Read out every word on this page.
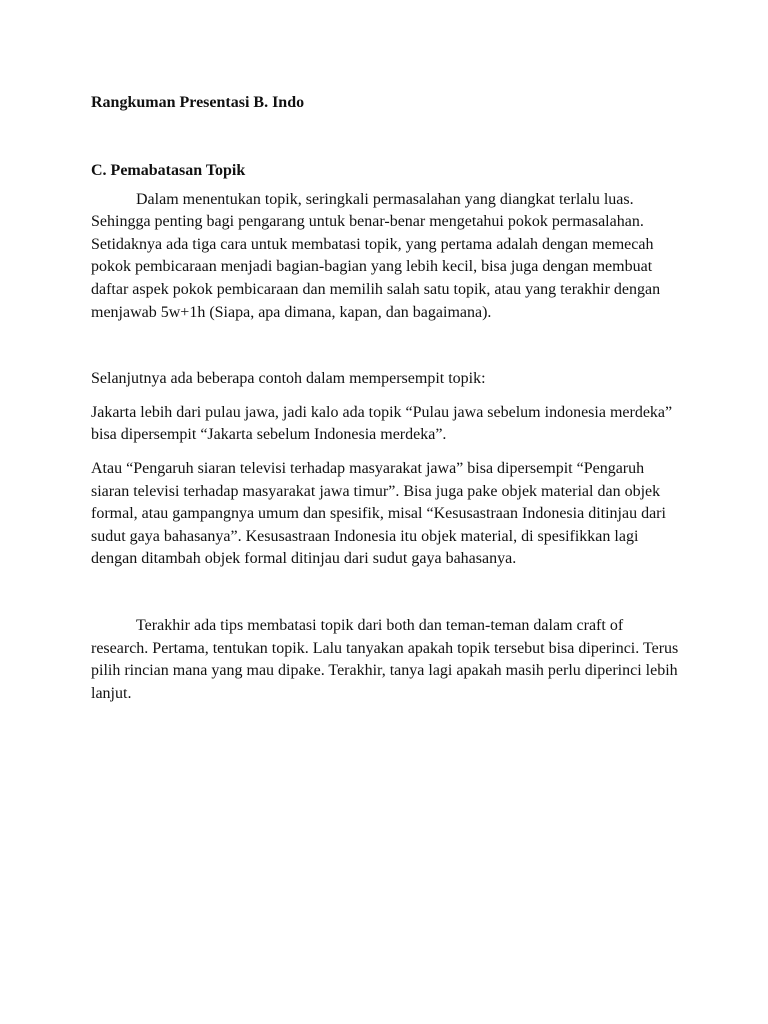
Rangkuman Presentasi B. Indo

C. Pemabatasan Topik

Dalam menentukan topik, seringkali permasalahan yang diangkat terlalu luas. Sehingga penting bagi pengarang untuk benar-benar mengetahui pokok permasalahan. Setidaknya ada tiga cara untuk membatasi topik, yang pertama adalah dengan memecah pokok pembicaraan menjadi bagian-bagian yang lebih kecil, bisa juga dengan membuat daftar aspek pokok pembicaraan dan memilih salah satu topik, atau yang terakhir dengan menjawab 5w+1h (Siapa, apa dimana, kapan, dan bagaimana).

Selanjutnya ada beberapa contoh dalam mempersempit topik:

Jakarta lebih dari pulau jawa, jadi kalo ada topik “Pulau jawa sebelum indonesia merdeka” bisa dipersempit “Jakarta sebelum Indonesia merdeka”.

Atau “Pengaruh siaran televisi terhadap masyarakat jawa” bisa dipersempit “Pengaruh siaran televisi terhadap masyarakat jawa timur”. Bisa juga pake objek material dan objek formal, atau gampangnya umum dan spesifik, misal “Kesusastraan Indonesia ditinjau dari sudut gaya bahasanya”. Kesusastraan Indonesia itu objek material, di spesifikkan lagi dengan ditambah objek formal ditinjau dari sudut gaya bahasanya.

Terakhir ada tips membatasi topik dari both dan teman-teman dalam craft of research. Pertama, tentukan topik. Lalu tanyakan apakah topik tersebut bisa diperinci. Terus pilih rincian mana yang mau dipake. Terakhir, tanya lagi apakah masih perlu diperinci lebih lanjut.
